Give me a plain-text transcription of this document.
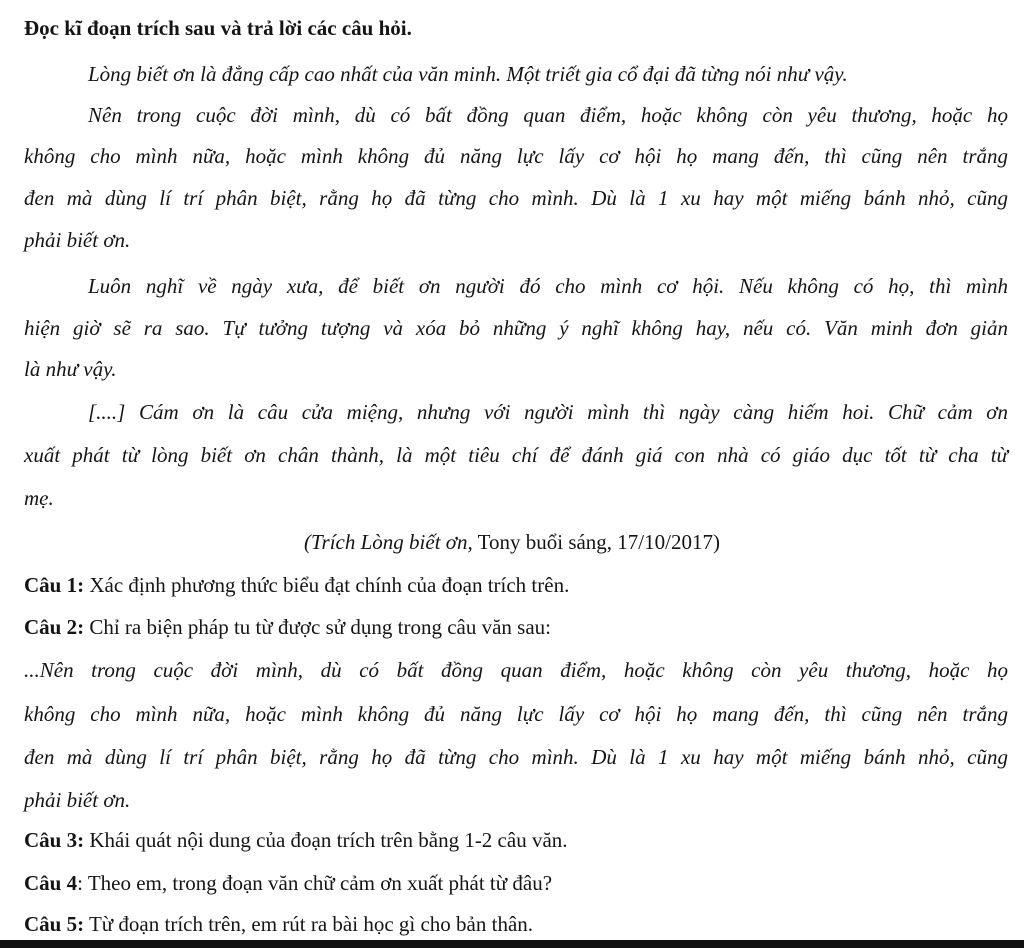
Đọc kĩ đoạn trích sau và trả lời các câu hỏi.
Lòng biết ơn là đẳng cấp cao nhất của văn minh. Một triết gia cổ đại đã từng nói như vậy.
Nên trong cuộc đời mình, dù có bất đồng quan điểm, hoặc không còn yêu thương, hoặc họ
không cho mình nữa, hoặc mình không đủ năng lực lấy cơ hội họ mang đến, thì cũng nên trắng
đen mà dùng lí trí phân biệt, rằng họ đã từng cho mình. Dù là 1 xu hay một miếng bánh nhỏ, cũng
phải biết ơn.
Luôn nghĩ về ngày xưa, để biết ơn người đó cho mình cơ hội. Nếu không có họ, thì mình
hiện giờ sẽ ra sao. Tự tưởng tượng và xóa bỏ những ý nghĩ không hay, nếu có. Văn minh đơn giản
là như vậy.
[....] Cám ơn là câu cửa miệng, nhưng với người mình thì ngày càng hiếm hoi. Chữ cảm ơn
xuất phát từ lòng biết ơn chân thành, là một tiêu chí để đánh giá con nhà có giáo dục tốt từ cha từ
mẹ.
(Trích Lòng biết ơn, Tony buổi sáng, 17/10/2017)
Câu 1: Xác định phương thức biểu đạt chính của đoạn trích trên.
Câu 2: Chỉ ra biện pháp tu từ được sử dụng trong câu văn sau:
...Nên trong cuộc đời mình, dù có bất đồng quan điểm, hoặc không còn yêu thương, hoặc họ
không cho mình nữa, hoặc mình không đủ năng lực lấy cơ hội họ mang đến, thì cũng nên trắng
đen mà dùng lí trí phân biệt, rằng họ đã từng cho mình. Dù là 1 xu hay một miếng bánh nhỏ, cũng
phải biết ơn.
Câu 3: Khái quát nội dung của đoạn trích trên bằng 1-2 câu văn.
Câu 4: Theo em, trong đoạn văn chữ cảm ơn xuất phát từ đâu?
Câu 5: Từ đoạn trích trên, em rút ra bài học gì cho bản thân.
